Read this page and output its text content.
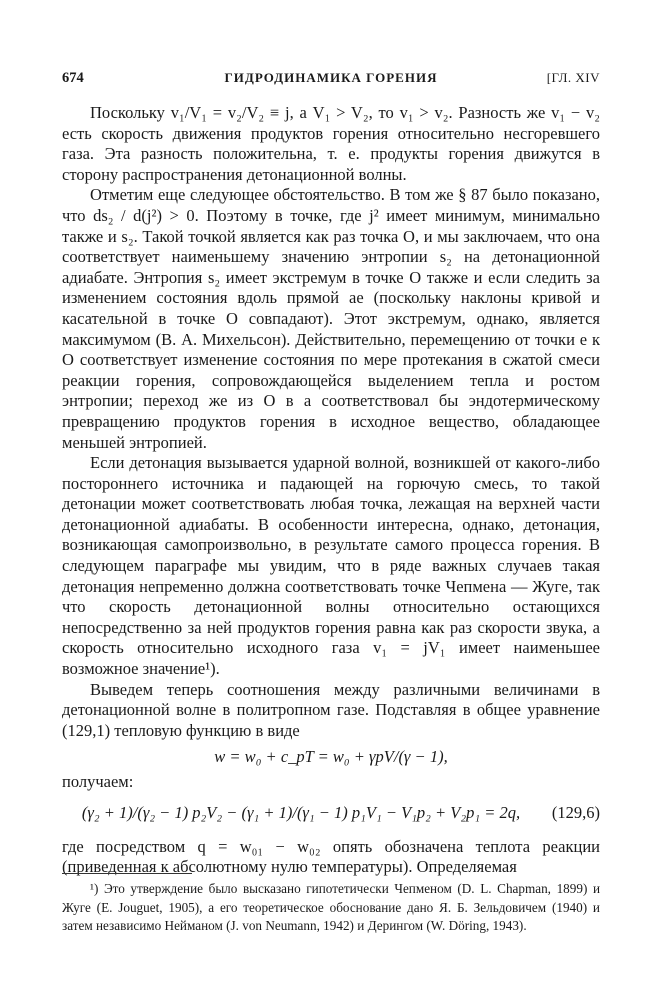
674	ГИДРОДИНАМИКА ГОРЕНИЯ	[ГЛ. XIV

Поскольку v₁/V₁ = v₂/V₂ ≡ j, а V₁ > V₂, то v₁ > v₂. Разность же v₁ − v₂ есть скорость движения продуктов горения относительно несгоревшего газа. Эта разность положительна, т. е. продукты горения движутся в сторону распространения детонационной волны.

Отметим еще следующее обстоятельство. В том же § 87 было показано, что ds₂ / d(j²) > 0. Поэтому в точке, где j² имеет минимум, минимально также и s₂. Такой точкой является как раз точка O, и мы заключаем, что она соответствует наименьшему значению энтропии s₂ на детонационной адиабате. Энтропия s₂ имеет экстремум в точке O также и если следить за изменением состояния вдоль прямой ae (поскольку наклоны кривой и касательной в точке O совпадают). Этот экстремум, однако, является максимумом (В. А. Михельсон). Действительно, перемещению от точки e к O соответствует изменение состояния по мере протекания в сжатой смеси реакции горения, сопровождающейся выделением тепла и ростом энтропии; переход же из O в a соответствовал бы эндотермическому превращению продуктов горения в исходное вещество, обладающее меньшей энтропией.

Если детонация вызывается ударной волной, возникшей от какого-либо постороннего источника и падающей на горючую смесь, то такой детонации может соответствовать любая точка, лежащая на верхней части детонационной адиабаты. В особенности интересна, однако, детонация, возникающая самопроизвольно, в результате самого процесса горения. В следующем параграфе мы увидим, что в ряде важных случаев такая детонация непременно должна соответствовать точке Чепмена — Жуге, так что скорость детонационной волны относительно остающихся непосредственно за ней продуктов горения равна как раз скорости звука, а скорость относительно исходного газа v₁ = jV₁ имеет наименьшее возможное значение¹).

Выведем теперь соотношения между различными величинами в детонационной волне в политропном газе. Подставляя в общее уравнение (129,1) тепловую функцию в виде

w = w₀ + c_pT = w₀ + γpV/(γ − 1),

получаем:

(γ₂ + 1)/(γ₂ − 1) p₂V₂ − (γ₁ + 1)/(γ₁ − 1) p₁V₁ − V₁p₂ + V₂p₁ = 2q,	(129,6)

где посредством q = w₀₁ − w₀₂ опять обозначена теплота реакции (приведенная к абсолютному нулю температуры). Определяемая

¹) Это утверждение было высказано гипотетически Чепменом (D. L. Chapman, 1899) и Жуге (E. Jouguet, 1905), а его теоретическое обоснование дано Я. Б. Зельдовичем (1940) и затем независимо Нейманом (J. von Neumann, 1942) и Дерингом (W. Döring, 1943).
